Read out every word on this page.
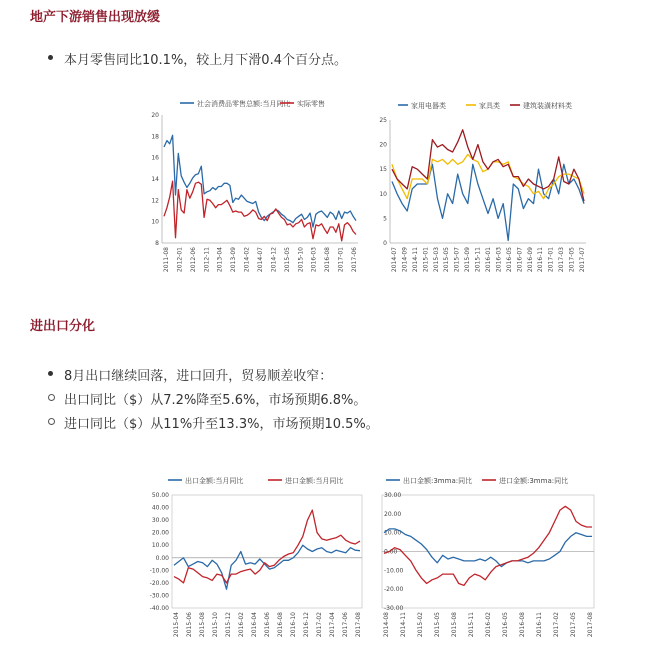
地产下游销售出现放缓
本月零售同比10.1%，较上月下滑0.4个百分点。
20
18
16
14
12
10
8
2011-08 2012-01 2012-06 2012-11 2013-04 2013-09 2014-02 2014-07 2014-12 2015-05 2015-10 2016-03 2016-08 2017-01 2017-06
社会消费品零售总额:当月同比 实际零售
25
20
15
10
5
0
2014-07 2014-09 2014-11 2015-01 2015-03 2015-05 2015-07 2015-09 2015-11 2016-01 2016-03 2016-05 2016-07 2016-09 2016-11 2017-01 2017-03 2017-05 2017-07
家用电器类	家具类	建筑装潢材料类
进出口分化
8月出口继续回落，进口回升，贸易顺差收窄：
出口同比（$）从7.2%降至5.6%，市场预期6.8%。
进口同比（$）从11%升至13.3%，市场预期10.5%。
50.00
40.00
30.00
20.00
10.00
0.00
-10.00
-20.00
-30.00
-40.00
2015-04 2015-06 2015-08 2015-10 2015-12 2016-02 2016-04 2016-06 2016-08 2016-10 2016-12 2017-02 2017-04 2017-06 2017-08
出口金额:当月同比	进口金额:当月同比
30.00
20.00
10.00
0.00
-10.00
-20.00
-30.00
2014-08 2014-11 2015-02 2015-05 2015-08 2015-11 2016-02 2016-05 2016-08 2016-11 2017-02 2017-05 2017-08
出口金额:3mma:同比	进口金额:3mma:同比
